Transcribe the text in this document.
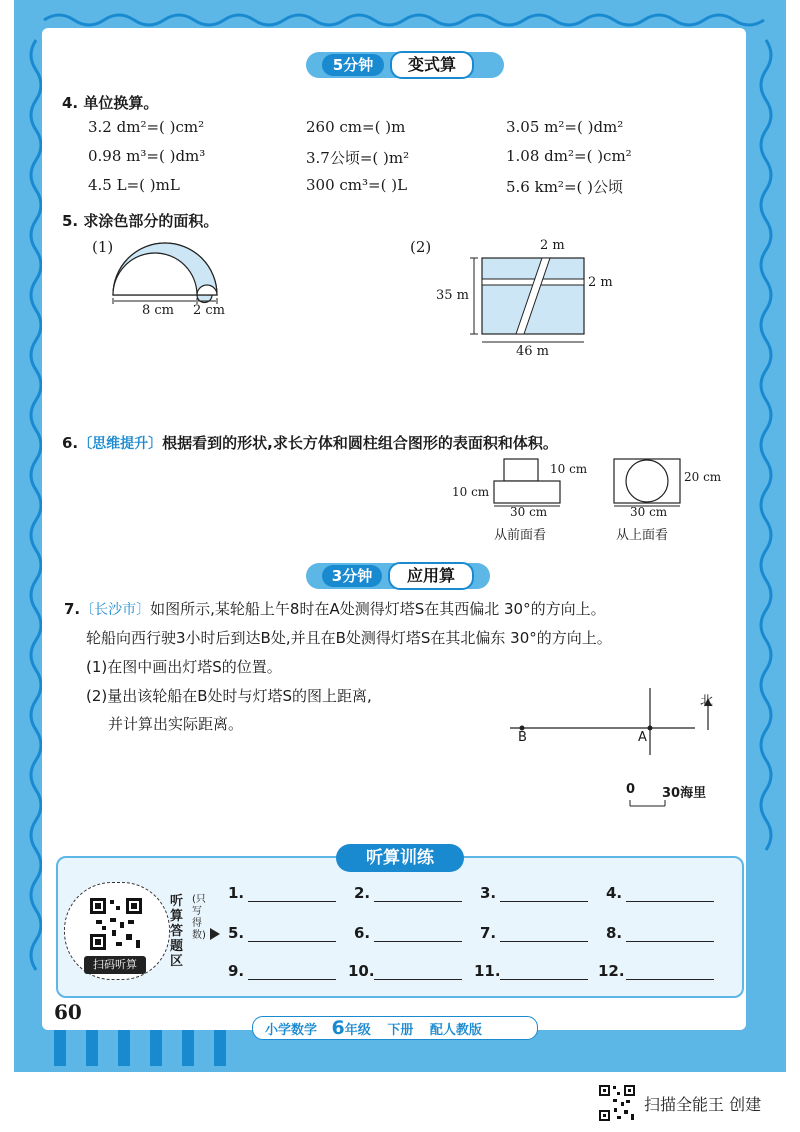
5分钟	变式算
4. 单位换算。
3.2 dm²=( )cm²	260 cm=( )m	3.05 m²=( )dm²
0.98 m³=( )dm³	3.7公顷=( )m²	1.08 dm²=( )cm²
4.5 L=( )mL	300 cm³=( )L	5.6 km²=( )公顷
5. 求涂色部分的面积。
(1)
8 cm 2 cm
(2)	2 m
2 m
35 m
46 m
6.〔思维提升〕根据看到的形状,求长方体和圆柱组合图形的表面积和体积。
10 cm
10 cm
30 cm
从前面看
20 cm
30 cm
从上面看
3分钟	应用算
7.〔长沙市〕如图所示,某轮船上午8时在A处测得灯塔S在其西偏北 30°的方向上。
轮船向西行驶3小时后到达B处,并且在B处测得灯塔S在其北偏东 30°的方向上。
(1)在图中画出灯塔S的位置。
(2)量出该轮船在B处时与灯塔S的图上距离,
并计算出实际距离。
北
B	A
0 30海里
听算训练
扫码听算
听算答题区
(只写得数)
1.	2.	3.	4.
5.	6.	7.	8.
9.	10.	11.	12.
60
小学数学 6年级 下册 配人教版
扫描全能王 创建
